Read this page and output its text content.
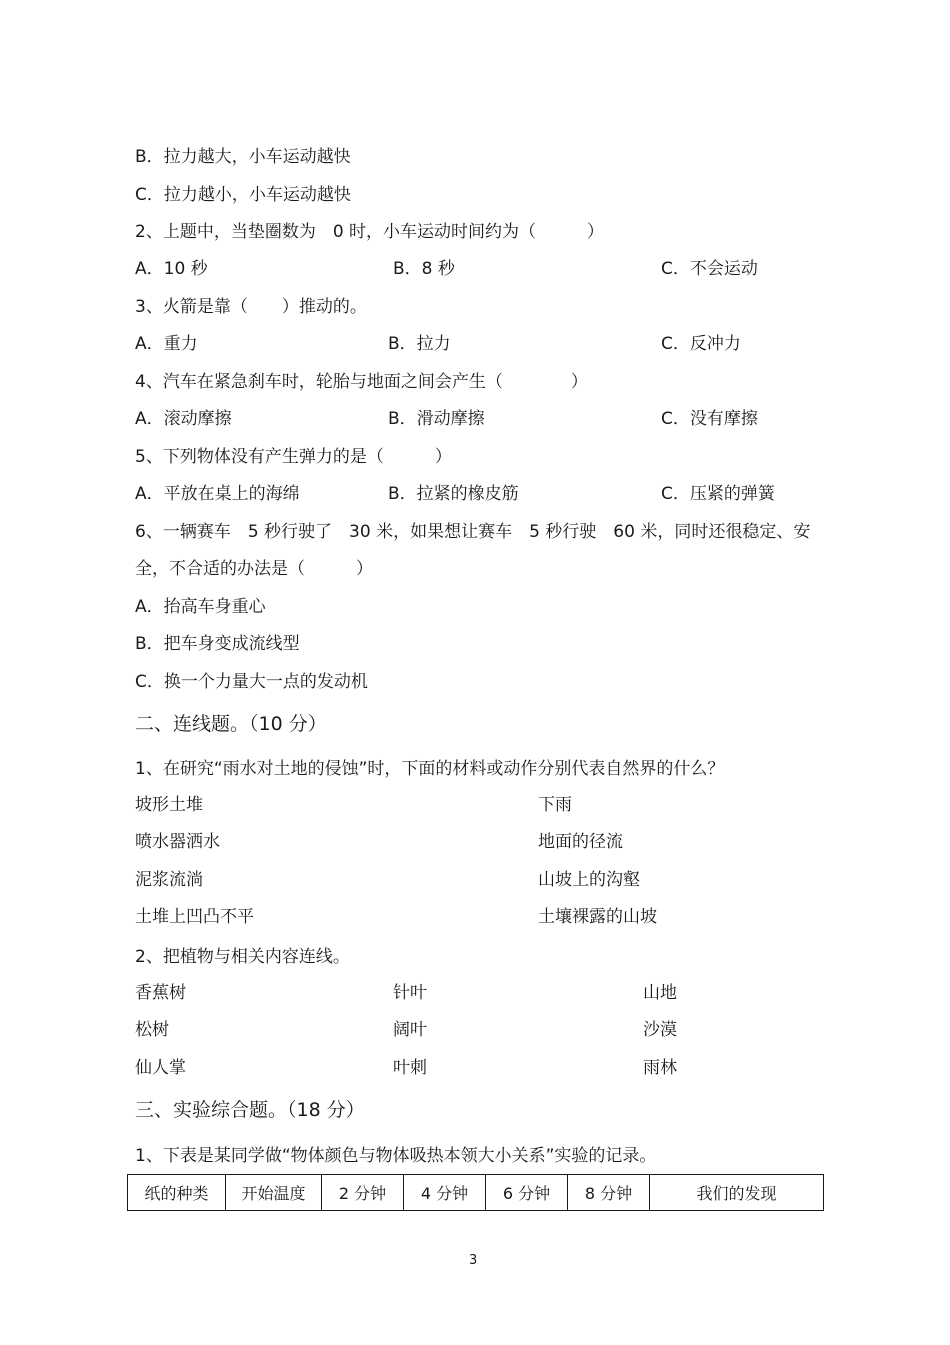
B．拉力越大，小车运动越快
C．拉力越小，小车运动越快
2、上题中，当垫圈数为　0 时，小车运动时间约为（　　　）
A．10 秒	B．8 秒	C．不会运动
3、火箭是靠（　　）推动的。
A．重力	B．拉力	C．反冲力
4、汽车在紧急刹车时，轮胎与地面之间会产生（　　　　）
A．滚动摩擦	B．滑动摩擦	C．没有摩擦
5、下列物体没有产生弹力的是（　　　）
A．平放在桌上的海绵	B．拉紧的橡皮筋	C．压紧的弹簧
6、一辆赛车　5 秒行驶了　30 米，如果想让赛车　5 秒行驶　60 米，同时还很稳定、安
全，不合适的办法是（　　　）
A．抬高车身重心
B．把车身变成流线型
C．换一个力量大一点的发动机
二、连线题。（10 分）
1、在研究“雨水对土地的侵蚀”时，下面的材料或动作分别代表自然界的什么？
坡形土堆	下雨
喷水器洒水	地面的径流
泥浆流淌	山坡上的沟壑
土堆上凹凸不平	土壤裸露的山坡
2、把植物与相关内容连线。
香蕉树	针叶	山地
松树	阔叶	沙漠
仙人掌	叶刺	雨林
三、实验综合题。（18 分）
1、下表是某同学做“物体颜色与物体吸热本领大小关系”实验的记录。
纸的种类	开始温度	2 分钟	4 分钟	6 分钟	8 分钟	我们的发现
3
